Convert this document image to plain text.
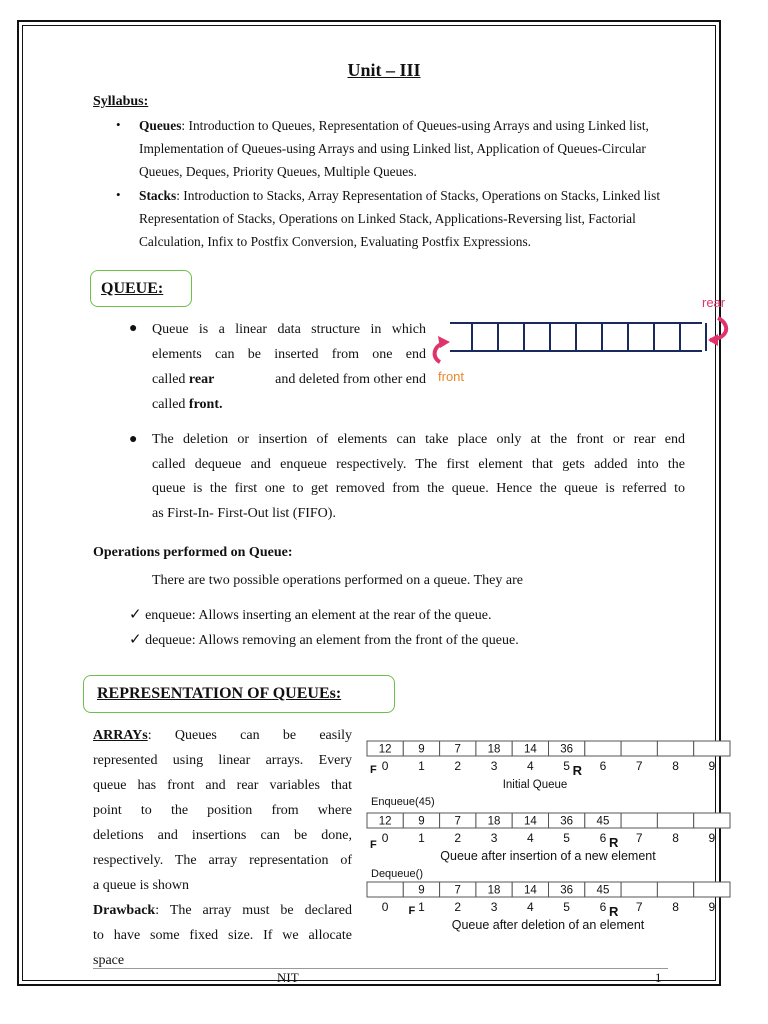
Unit – III
Syllabus:
• Queues: Introduction to Queues, Representation of Queues-using Arrays and using Linked list,
Implementation of Queues-using Arrays and using Linked list, Application of Queues-Circular
Queues, Deques, Priority Queues, Multiple Queues.
• Stacks: Introduction to Stacks, Array Representation of Stacks, Operations on Stacks, Linked list
Representation of Stacks, Operations on Linked Stack, Applications-Reversing list, Factorial
Calculation, Infix to Postfix Conversion, Evaluating Postfix Expressions.
QUEUE:
● Queue is a linear data structure in which
elements can be inserted from one end
called rear	and deleted from other end
called front.
rear
front
● The deletion or insertion of elements can take place only at the front or rear end
called dequeue and enqueue respectively. The first element that gets added into the
queue is the first one to get removed from the queue. Hence the queue is referred to
as First-In- First-Out list (FIFO).
Operations performed on Queue:
There are two possible operations performed on a queue. They are
✓ enqueue: Allows inserting an element at the rear of the queue.
✓ dequeue: Allows removing an element from the front of the queue.
REPRESENTATION OF QUEUEs:
ARRAYs: Queues can be easily
represented using linear arrays. Every
queue has front and rear variables that
point to the position from where
deletions and insertions can be done,
respectively. The array representation of
a queue is shown
Drawback: The array must be declared
to have some fixed size. If we allocate
space
12 9	7 18 14 36
0 1 2 3 4 5 6 7 8 9
F	R
Initial Queue
Enqueue(45)
12 9	7 18 14 36 45
0 1 2 3 4 5 6 7 8 9
F	R
Queue after insertion of a new element
Dequeue()
9	7 18 14 36 45
0 1 2 3 4 5 6 7 8 9
F	R
Queue after deletion of an element
NIT	1
